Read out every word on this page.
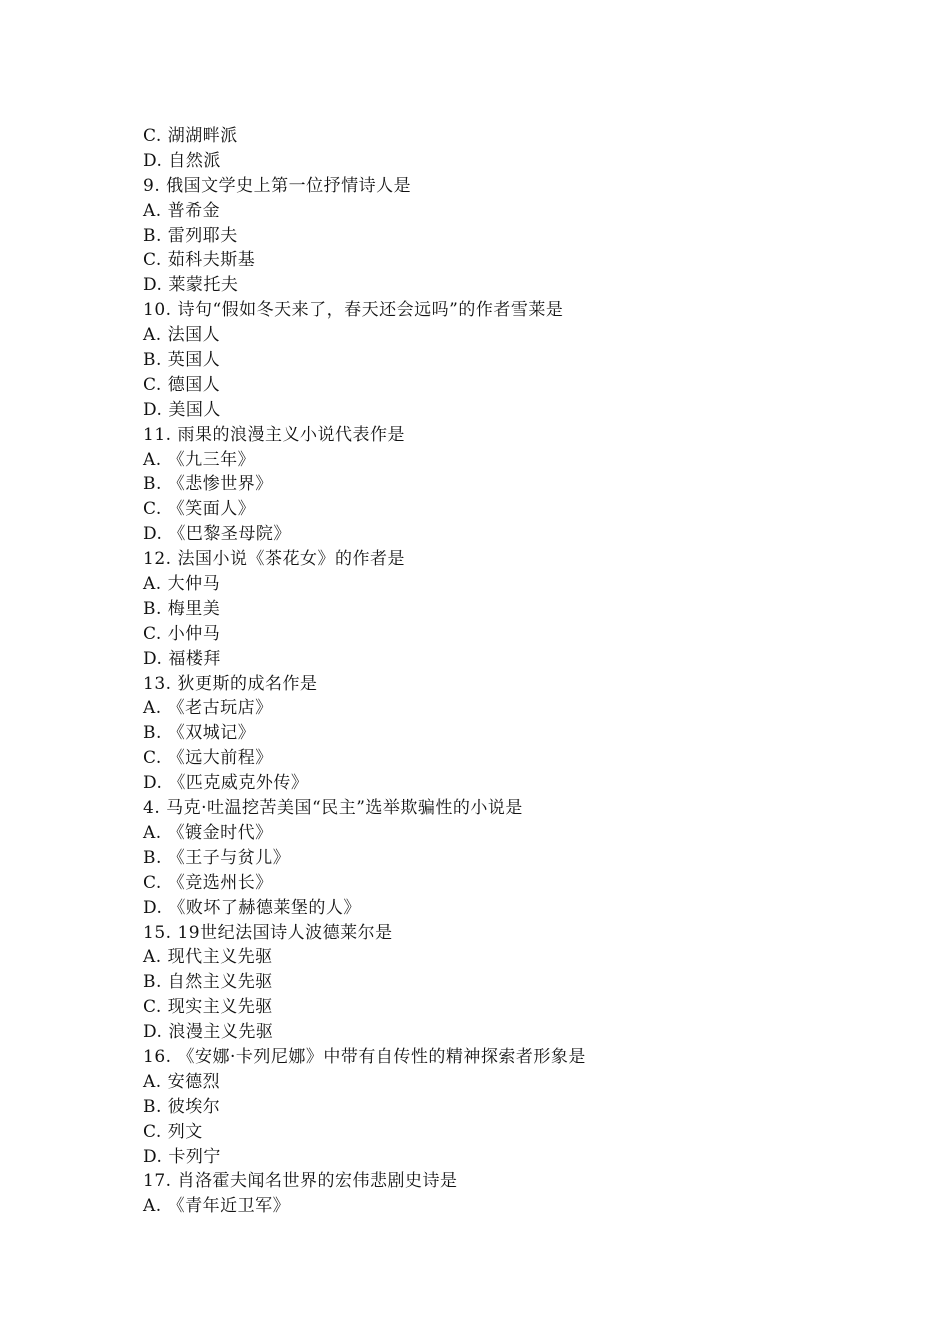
C. 湖湖畔派
D. 自然派
9. 俄国文学史上第一位抒情诗人是
A. 普希金
B. 雷列耶夫
C. 茹科夫斯基
D. 莱蒙托夫
10. 诗句“假如冬天来了，春天还会远吗”的作者雪莱是
A. 法国人
B. 英国人
C. 德国人
D. 美国人
11. 雨果的浪漫主义小说代表作是
A. 《九三年》
B. 《悲惨世界》
C. 《笑面人》
D. 《巴黎圣母院》
12. 法国小说《茶花女》的作者是
A. 大仲马
B. 梅里美
C. 小仲马
D. 福楼拜
13. 狄更斯的成名作是
A. 《老古玩店》
B. 《双城记》
C. 《远大前程》
D. 《匹克威克外传》
4. 马克·吐温挖苦美国“民主”选举欺骗性的小说是
A. 《镀金时代》
B. 《王子与贫儿》
C. 《竞选州长》
D. 《败坏了赫德莱堡的人》
15. 19世纪法国诗人波德莱尔是
A. 现代主义先驱
B. 自然主义先驱
C. 现实主义先驱
D. 浪漫主义先驱
16. 《安娜·卡列尼娜》中带有自传性的精神探索者形象是
A. 安德烈
B. 彼埃尔
C. 列文
D. 卡列宁
17. 肖洛霍夫闻名世界的宏伟悲剧史诗是
A. 《青年近卫军》
